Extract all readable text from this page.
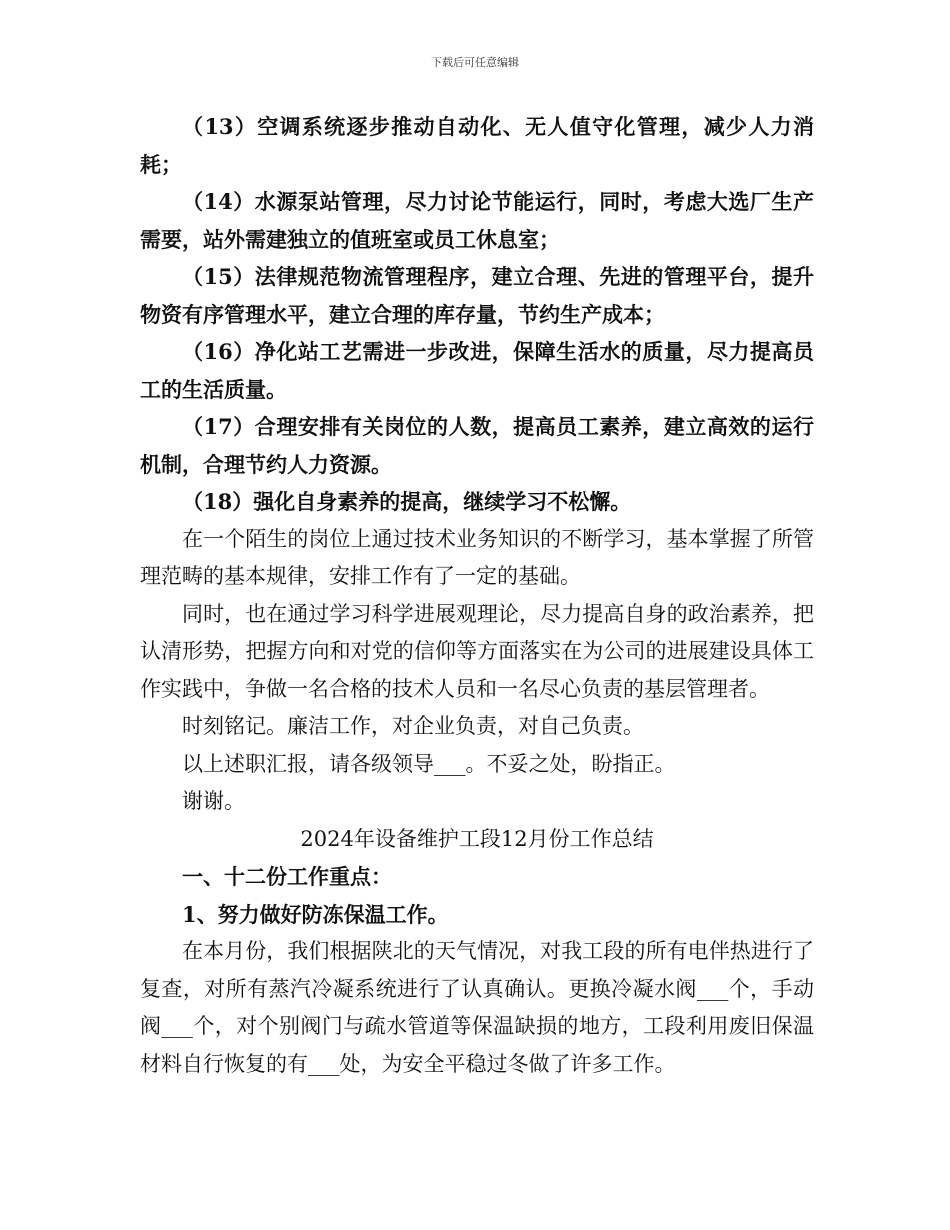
下载后可任意编辑

（13）空调系统逐步推动自动化、无人值守化管理，减少人力消耗；

（14）水源泵站管理，尽力讨论节能运行，同时，考虑大选厂生产需要，站外需建独立的值班室或员工休息室；

（15）法律规范物流管理程序，建立合理、先进的管理平台，提升物资有序管理水平，建立合理的库存量，节约生产成本；

（16）净化站工艺需进一步改进，保障生活水的质量，尽力提高员工的生活质量。

（17）合理安排有关岗位的人数，提高员工素养，建立高效的运行机制，合理节约人力资源。

（18）强化自身素养的提高，继续学习不松懈。

在一个陌生的岗位上通过技术业务知识的不断学习，基本掌握了所管理范畴的基本规律，安排工作有了一定的基础。

同时，也在通过学习科学进展观理论，尽力提高自身的政治素养，把认清形势，把握方向和对党的信仰等方面落实在为公司的进展建设具体工作实践中，争做一名合格的技术人员和一名尽心负责的基层管理者。

时刻铭记。廉洁工作，对企业负责，对自己负责。

以上述职汇报，请各级领导___。不妥之处，盼指正。

谢谢。

2024年设备维护工段12月份工作总结

一、十二份工作重点：

1、努力做好防冻保温工作。

在本月份，我们根据陕北的天气情况，对我工段的所有电伴热进行了复查，对所有蒸汽冷凝系统进行了认真确认。更换冷凝水阀___个，手动阀___个，对个别阀门与疏水管道等保温缺损的地方，工段利用废旧保温材料自行恢复的有___处，为安全平稳过冬做了许多工作。
